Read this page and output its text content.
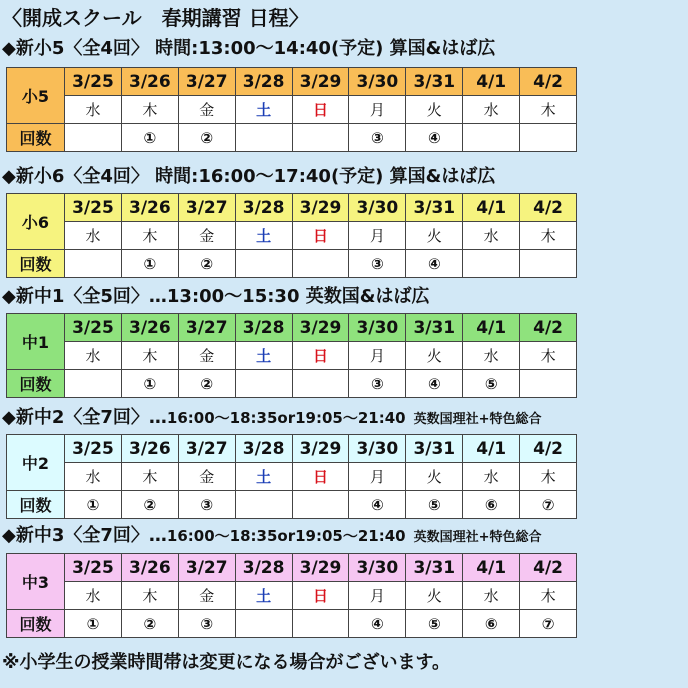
〈開成スクール　春期講習 日程〉
◆新小5〈全4回〉 時間:13:00～14:40(予定) 算国&はば広
小5	3/25	3/26	3/27	3/28	3/29	3/30	3/31	4/1	4/2
	水	木	金	土	日	月	火	水	木
回数		①	②			③	④		
◆新小6〈全4回〉 時間:16:00～17:40(予定) 算国&はば広
小6	3/25	3/26	3/27	3/28	3/29	3/30	3/31	4/1	4/2
	水	木	金	土	日	月	火	水	木
回数		①	②			③	④		
◆新中1〈全5回〉…13:00～15:30 英数国&はば広
中1	3/25	3/26	3/27	3/28	3/29	3/30	3/31	4/1	4/2
	水	木	金	土	日	月	火	水	木
回数		①	②			③	④	⑤	
◆新中2〈全7回〉…16:00～18:35or19:05～21:40 英数国理社+特色総合
中2	3/25	3/26	3/27	3/28	3/29	3/30	3/31	4/1	4/2
	水	木	金	土	日	月	火	水	木
回数	①	②	③			④	⑤	⑥	⑦
◆新中3〈全7回〉…16:00～18:35or19:05～21:40 英数国理社+特色総合
中3	3/25	3/26	3/27	3/28	3/29	3/30	3/31	4/1	4/2
	水	木	金	土	日	月	火	水	木
回数	①	②	③			④	⑤	⑥	⑦
※小学生の授業時間帯は変更になる場合がございます。
